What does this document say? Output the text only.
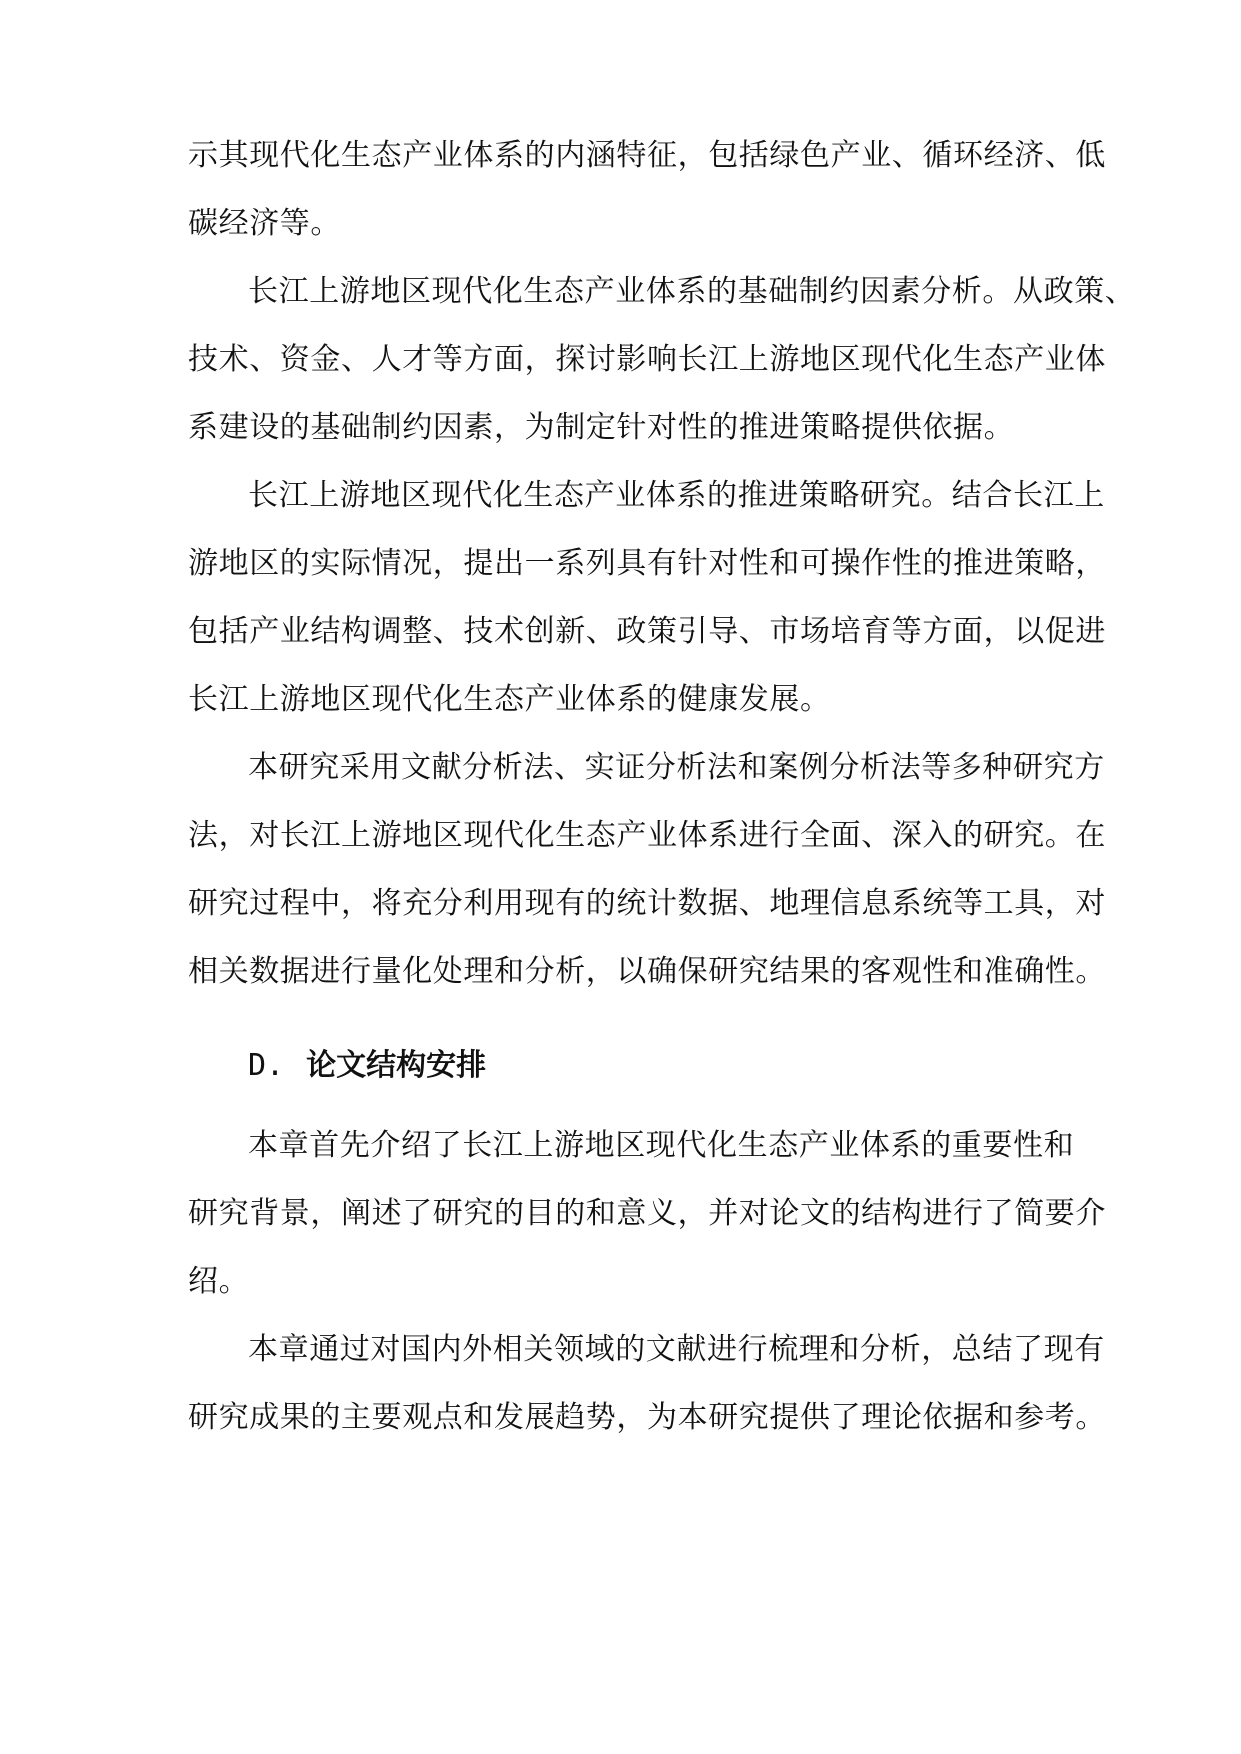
示其现代化生态产业体系的内涵特征，包括绿色产业、循环经济、低
碳经济等。
长江上游地区现代化生态产业体系的基础制约因素分析。从政策、
技术、资金、人才等方面，探讨影响长江上游地区现代化生态产业体
系建设的基础制约因素，为制定针对性的推进策略提供依据。
长江上游地区现代化生态产业体系的推进策略研究。结合长江上
游地区的实际情况，提出一系列具有针对性和可操作性的推进策略，
包括产业结构调整、技术创新、政策引导、市场培育等方面，以促进
长江上游地区现代化生态产业体系的健康发展。
本研究采用文献分析法、实证分析法和案例分析法等多种研究方
法，对长江上游地区现代化生态产业体系进行全面、深入的研究。在
研究过程中，将充分利用现有的统计数据、地理信息系统等工具，对
相关数据进行量化处理和分析，以确保研究结果的客观性和准确性。
D. 论文结构安排
本章首先介绍了长江上游地区现代化生态产业体系的重要性和
研究背景，阐述了研究的目的和意义，并对论文的结构进行了简要介
绍。
本章通过对国内外相关领域的文献进行梳理和分析，总结了现有
研究成果的主要观点和发展趋势，为本研究提供了理论依据和参考。
